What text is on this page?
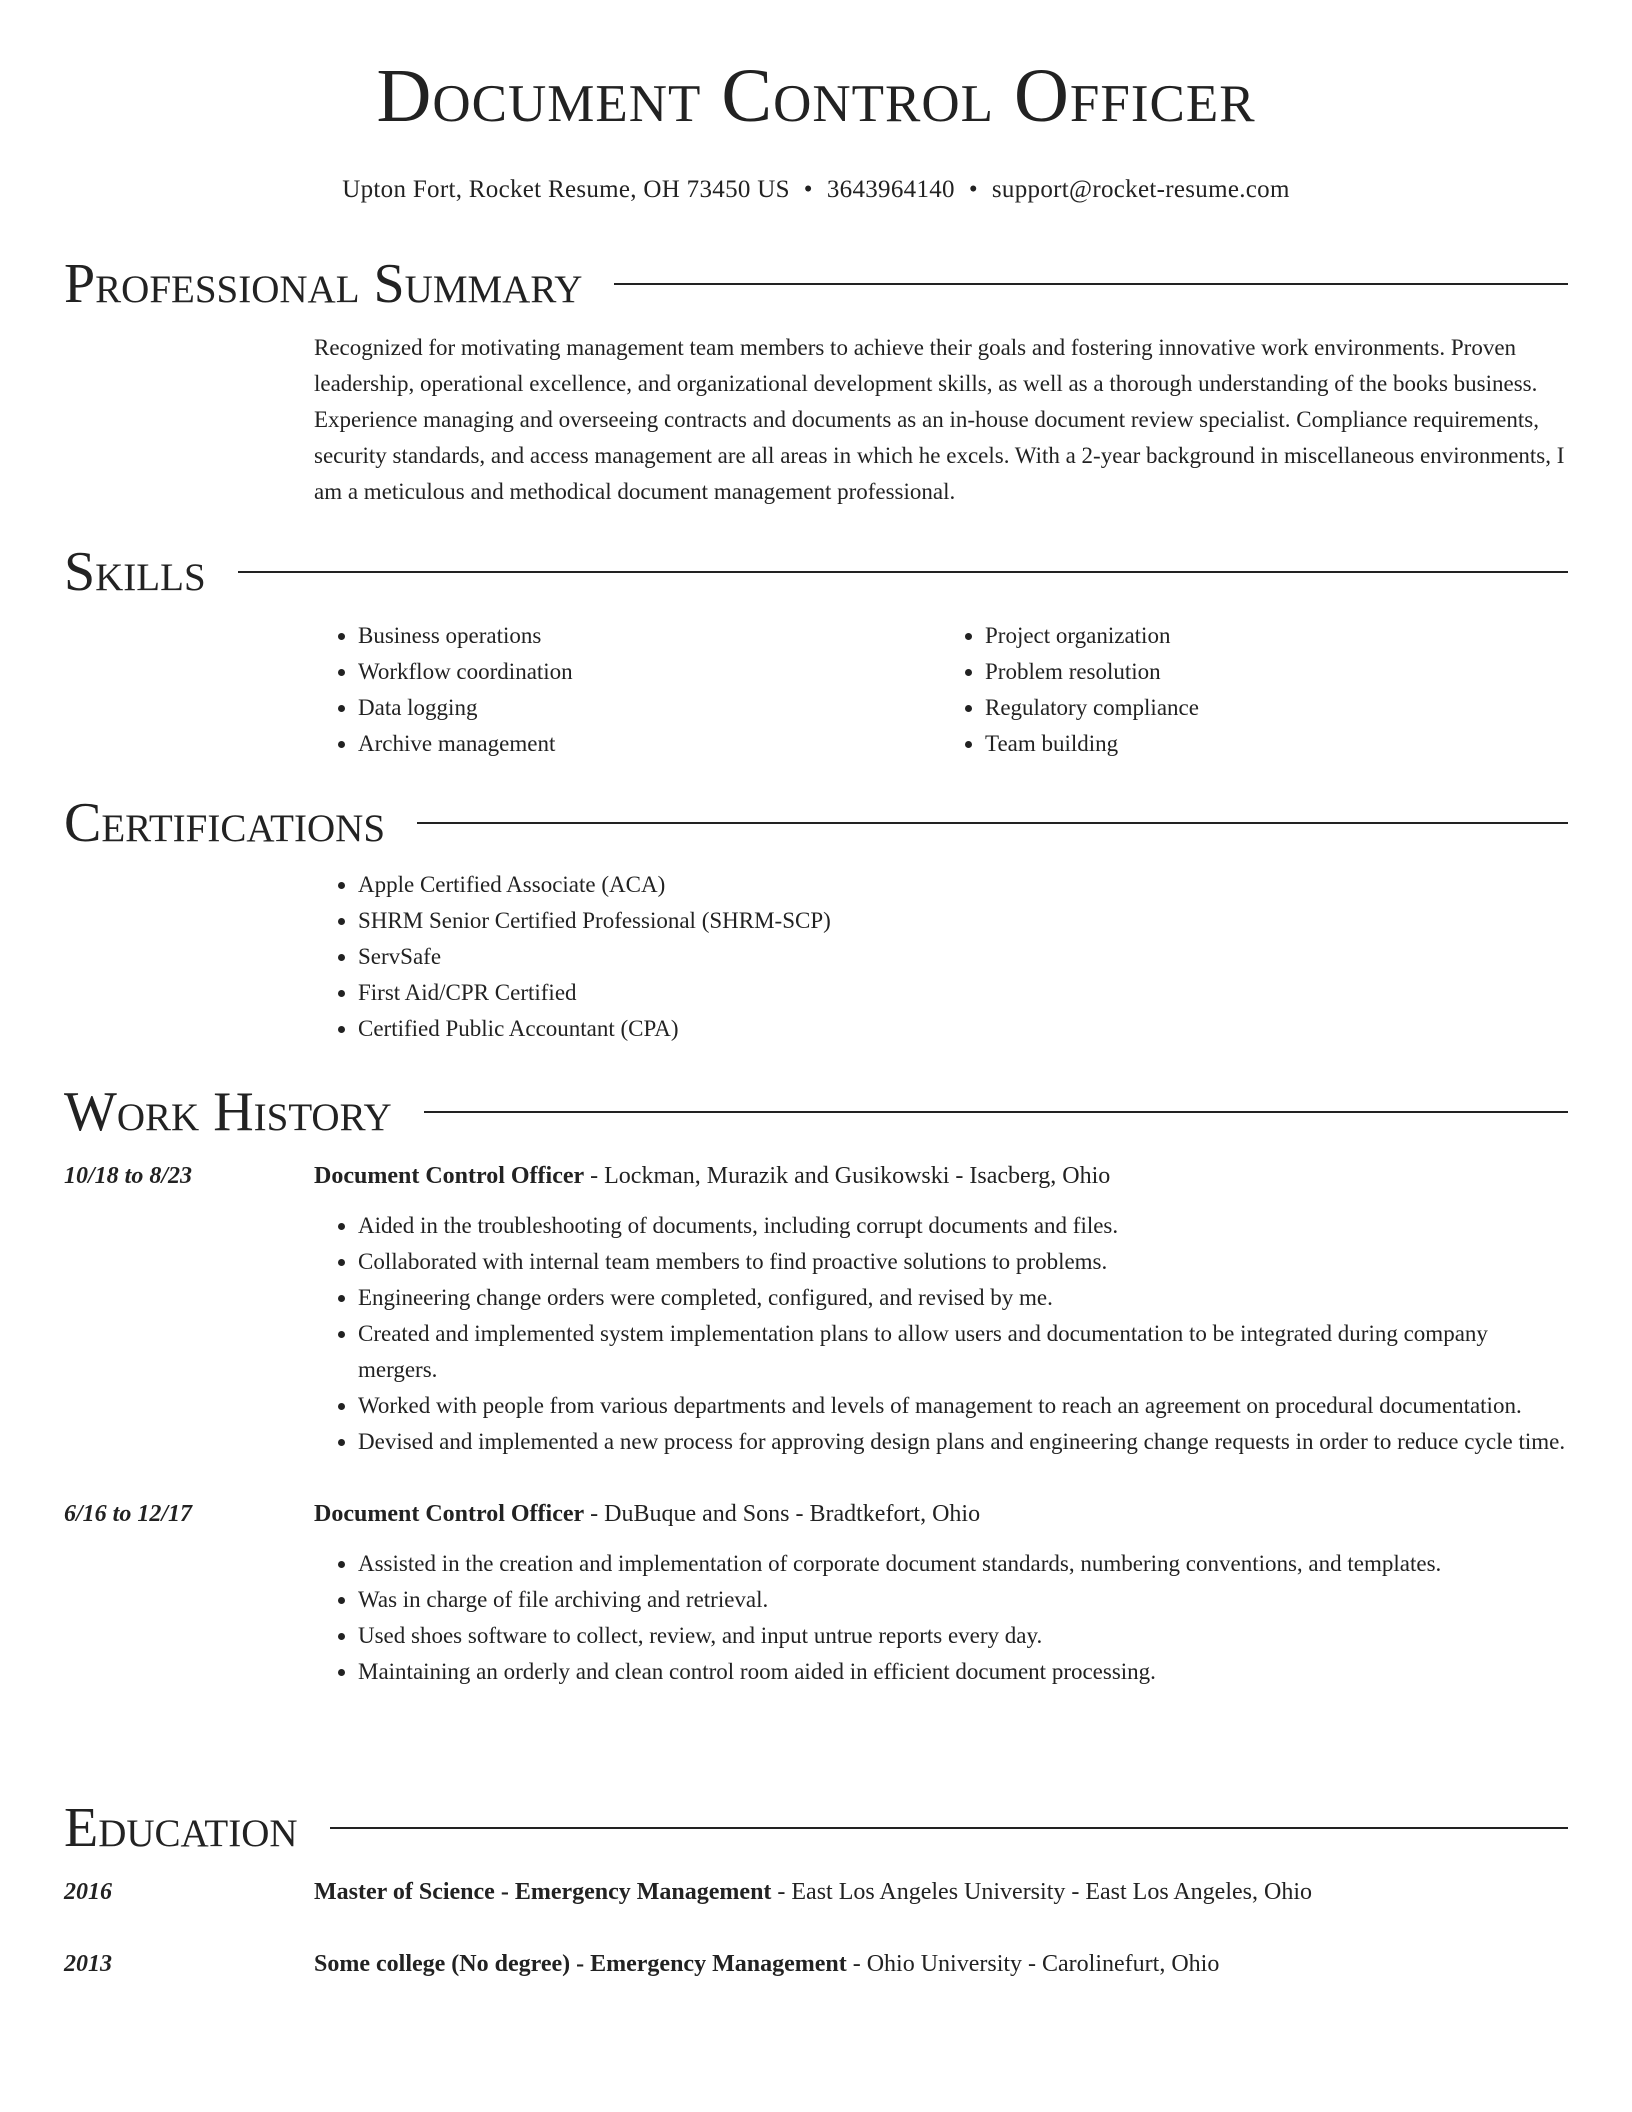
Document Control Officer
Upton Fort, Rocket Resume, OH 73450 US • 3643964140 • support@rocket-resume.com
Professional Summary
Recognized for motivating management team members to achieve their goals and fostering innovative work environments. Proven leadership, operational excellence, and organizational development skills, as well as a thorough understanding of the books business. Experience managing and overseeing contracts and documents as an in-house document review specialist. Compliance requirements, security standards, and access management are all areas in which he excels. With a 2-year background in miscellaneous environments, I am a meticulous and methodical document management professional.
Skills
• Business operations
• Workflow coordination
• Data logging
• Archive management
• Project organization
• Problem resolution
• Regulatory compliance
• Team building
Certifications
• Apple Certified Associate (ACA)
• SHRM Senior Certified Professional (SHRM-SCP)
• ServSafe
• First Aid/CPR Certified
• Certified Public Accountant (CPA)
Work History
10/18 to 8/23	Document Control Officer - Lockman, Murazik and Gusikowski - Isacberg, Ohio
• Aided in the troubleshooting of documents, including corrupt documents and files.
• Collaborated with internal team members to find proactive solutions to problems.
• Engineering change orders were completed, configured, and revised by me.
• Created and implemented system implementation plans to allow users and documentation to be integrated during company mergers.
• Worked with people from various departments and levels of management to reach an agreement on procedural documentation.
• Devised and implemented a new process for approving design plans and engineering change requests in order to reduce cycle time.
6/16 to 12/17	Document Control Officer - DuBuque and Sons - Bradtkefort, Ohio
• Assisted in the creation and implementation of corporate document standards, numbering conventions, and templates.
• Was in charge of file archiving and retrieval.
• Used shoes software to collect, review, and input untrue reports every day.
• Maintaining an orderly and clean control room aided in efficient document processing.
Education
2016	Master of Science - Emergency Management - East Los Angeles University - East Los Angeles, Ohio
2013	Some college (No degree) - Emergency Management - Ohio University - Carolinefurt, Ohio
